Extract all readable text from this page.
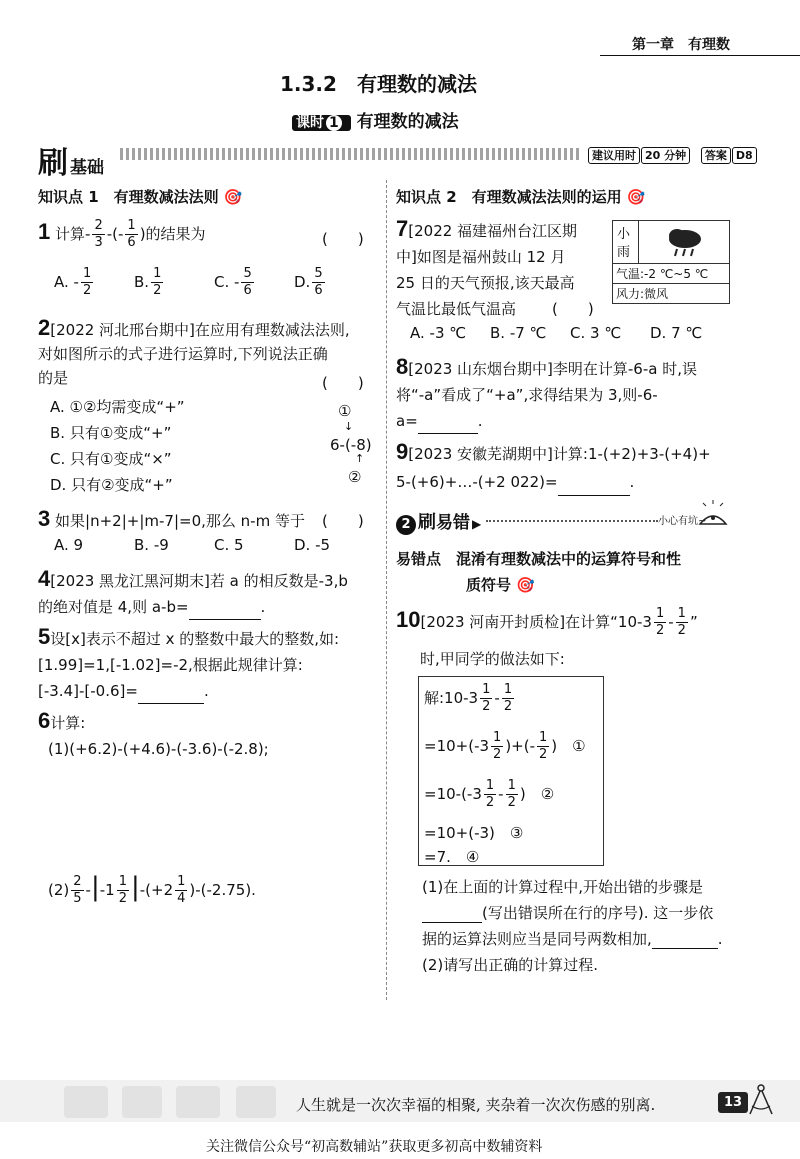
第一章　有理数
1.3.2　有理数的减法
课时 1 有理数的减法
刷基础
建议用时 20 分钟 答案 D8
知识点 1　有理数减法法则 🎯
1 计算- $\frac{2}{3}$ -(- $\frac{1}{6}$ )的结果为	(　　)
A. - $\frac{1}{2}$	B. $\frac{1}{2}$	C. - $\frac{5}{6}$	D. $\frac{5}{6}$
2[2022 河北邢台期中]在应用有理数减法法则,
对如图所示的式子进行运算时,下列说法正确
的是	(　　)
A. ①②均需变成“+”
B. 只有①变成“+”
C. 只有①变成“×”
D. 只有②变成“+”
①
↓
6-(-8)
↑
②
3 如果|n+2|+|m-7|=0,那么 n-m 等于 (　　)
A. 9	B. -9	C. 5	D. -5
4[2023 黑龙江黑河期末]若 a 的相反数是-3,b
的绝对值是 4,则 a-b=	.
5设[x]表示不超过 x 的整数中最大的整数,如:
[1.99]=1,[-1.02]=-2,根据此规律计算:
[-3.4]-[-0.6]=	.
6计算:
(1)(+6.2)-(+4.6)-(-3.6)-(-2.8);
$(2) \frac{2}{5} -|-1 \frac{1}{2} |-(+2 \frac{1}{4} )-(-2.75)$.
知识点 2　有理数减法法则的运用 🎯
7[2022 福建福州台江区期
中]如图是福州鼓山 12 月
25 日的天气预报,该天最高
气温比最低气温高	(　　)
小
雨
气温:-2 ℃~5 ℃
风力:微风
A. -3 ℃ B. -7 ℃ C. 3 ℃ D. 7 ℃
8[2023 山东烟台期中]李明在计算-6-a 时,误
将“-a”看成了“+a”,求得结果为 3,则-6-
a=	.
9[2023 安徽芜湖期中]计算:1-(+2)+3-(+4)+
5-(+6)+…-(+2 022)=	.
2 刷易错 ▶	小心有坑~
易错点　混淆有理数减法中的运算符号和性
质符号 🎯
10[2023 河南开封质检]在计算“$10-3 \frac{1}{2} - \frac{1}{2}$ ”
时,甲同学的做法如下:
解:10-3 $\frac{1}{2} - \frac{1}{2}$
$=10+(-3 \frac{1}{2}$ )+(- $\frac{1}{2}$ )　①
$=10-(-3 \frac{1}{2} - \frac{1}{2}$ )　②
=10+(-3)　③
=7.　④
(1)在上面的计算过程中,开始出错的步骤是
(写出错误所在行的序号). 这一步依
据的运算法则应当是同号两数相加,	.
(2)请写出正确的计算过程.
人生就是一次次幸福的相聚, 夹杂着一次次伤感的别离.	13
关注微信公众号“初高数辅站”获取更多初高中数辅资料
